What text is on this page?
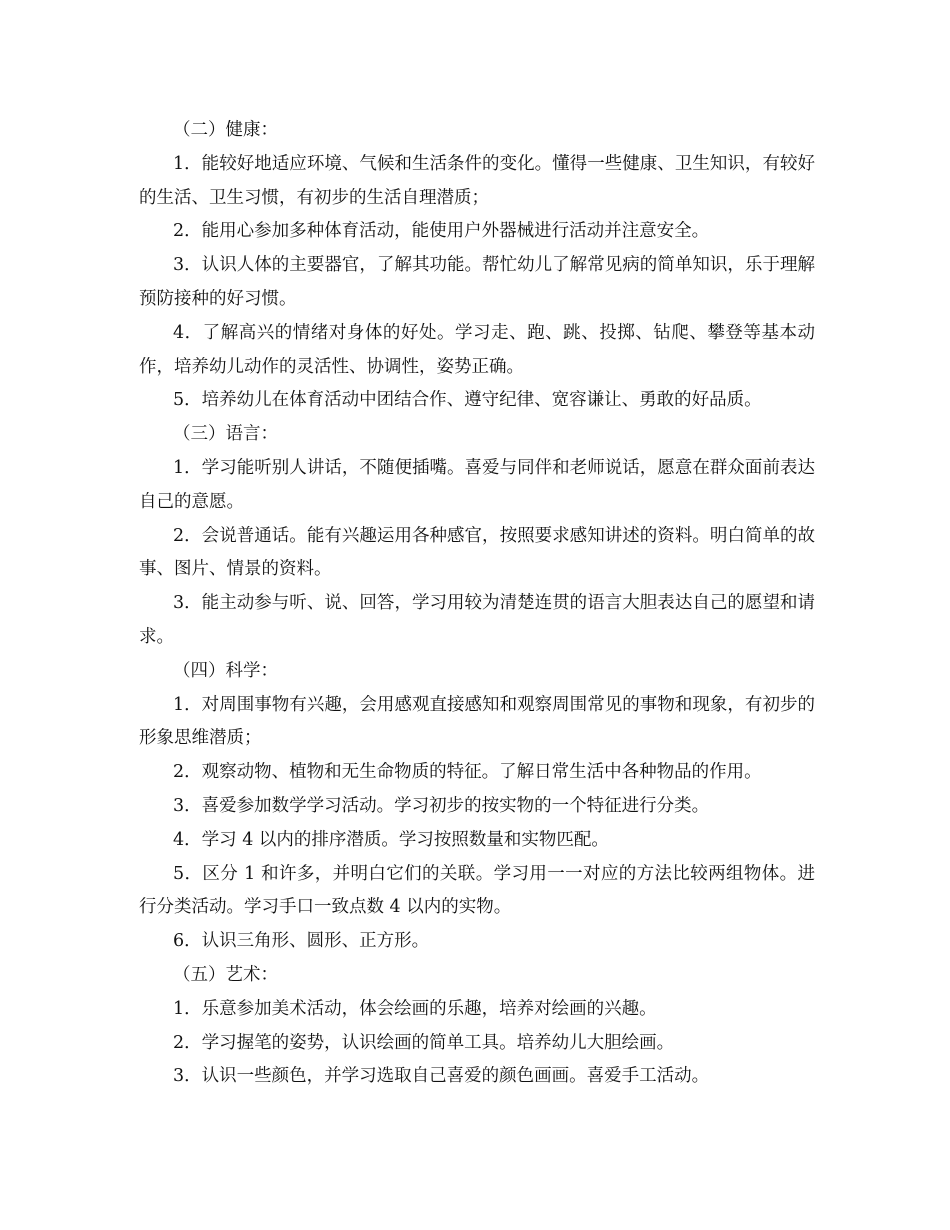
（二）健康：

1．能较好地适应环境、气候和生活条件的变化。懂得一些健康、卫生知识，有较好的生活、卫生习惯，有初步的生活自理潜质；

2．能用心参加多种体育活动，能使用户外器械进行活动并注意安全。

3．认识人体的主要器官，了解其功能。帮忙幼儿了解常见病的简单知识，乐于理解预防接种的好习惯。

4．了解高兴的情绪对身体的好处。学习走、跑、跳、投掷、钻爬、攀登等基本动作，培养幼儿动作的灵活性、协调性，姿势正确。

5．培养幼儿在体育活动中团结合作、遵守纪律、宽容谦让、勇敢的好品质。

（三）语言：

1．学习能听别人讲话，不随便插嘴。喜爱与同伴和老师说话，愿意在群众面前表达自己的意愿。

2．会说普通话。能有兴趣运用各种感官，按照要求感知讲述的资料。明白简单的故事、图片、情景的资料。

3．能主动参与听、说、回答，学习用较为清楚连贯的语言大胆表达自己的愿望和请求。

（四）科学：

1．对周围事物有兴趣，会用感观直接感知和观察周围常见的事物和现象，有初步的形象思维潜质；

2．观察动物、植物和无生命物质的特征。了解日常生活中各种物品的作用。

3．喜爱参加数学学习活动。学习初步的按实物的一个特征进行分类。

4．学习 4 以内的排序潜质。学习按照数量和实物匹配。

5．区分 1 和许多，并明白它们的关联。学习用一一对应的方法比较两组物体。进行分类活动。学习手口一致点数 4 以内的实物。

6．认识三角形、圆形、正方形。

（五）艺术：

1．乐意参加美术活动，体会绘画的乐趣，培养对绘画的兴趣。

2．学习握笔的姿势，认识绘画的简单工具。培养幼儿大胆绘画。

3．认识一些颜色，并学习选取自己喜爱的颜色画画。喜爱手工活动。
